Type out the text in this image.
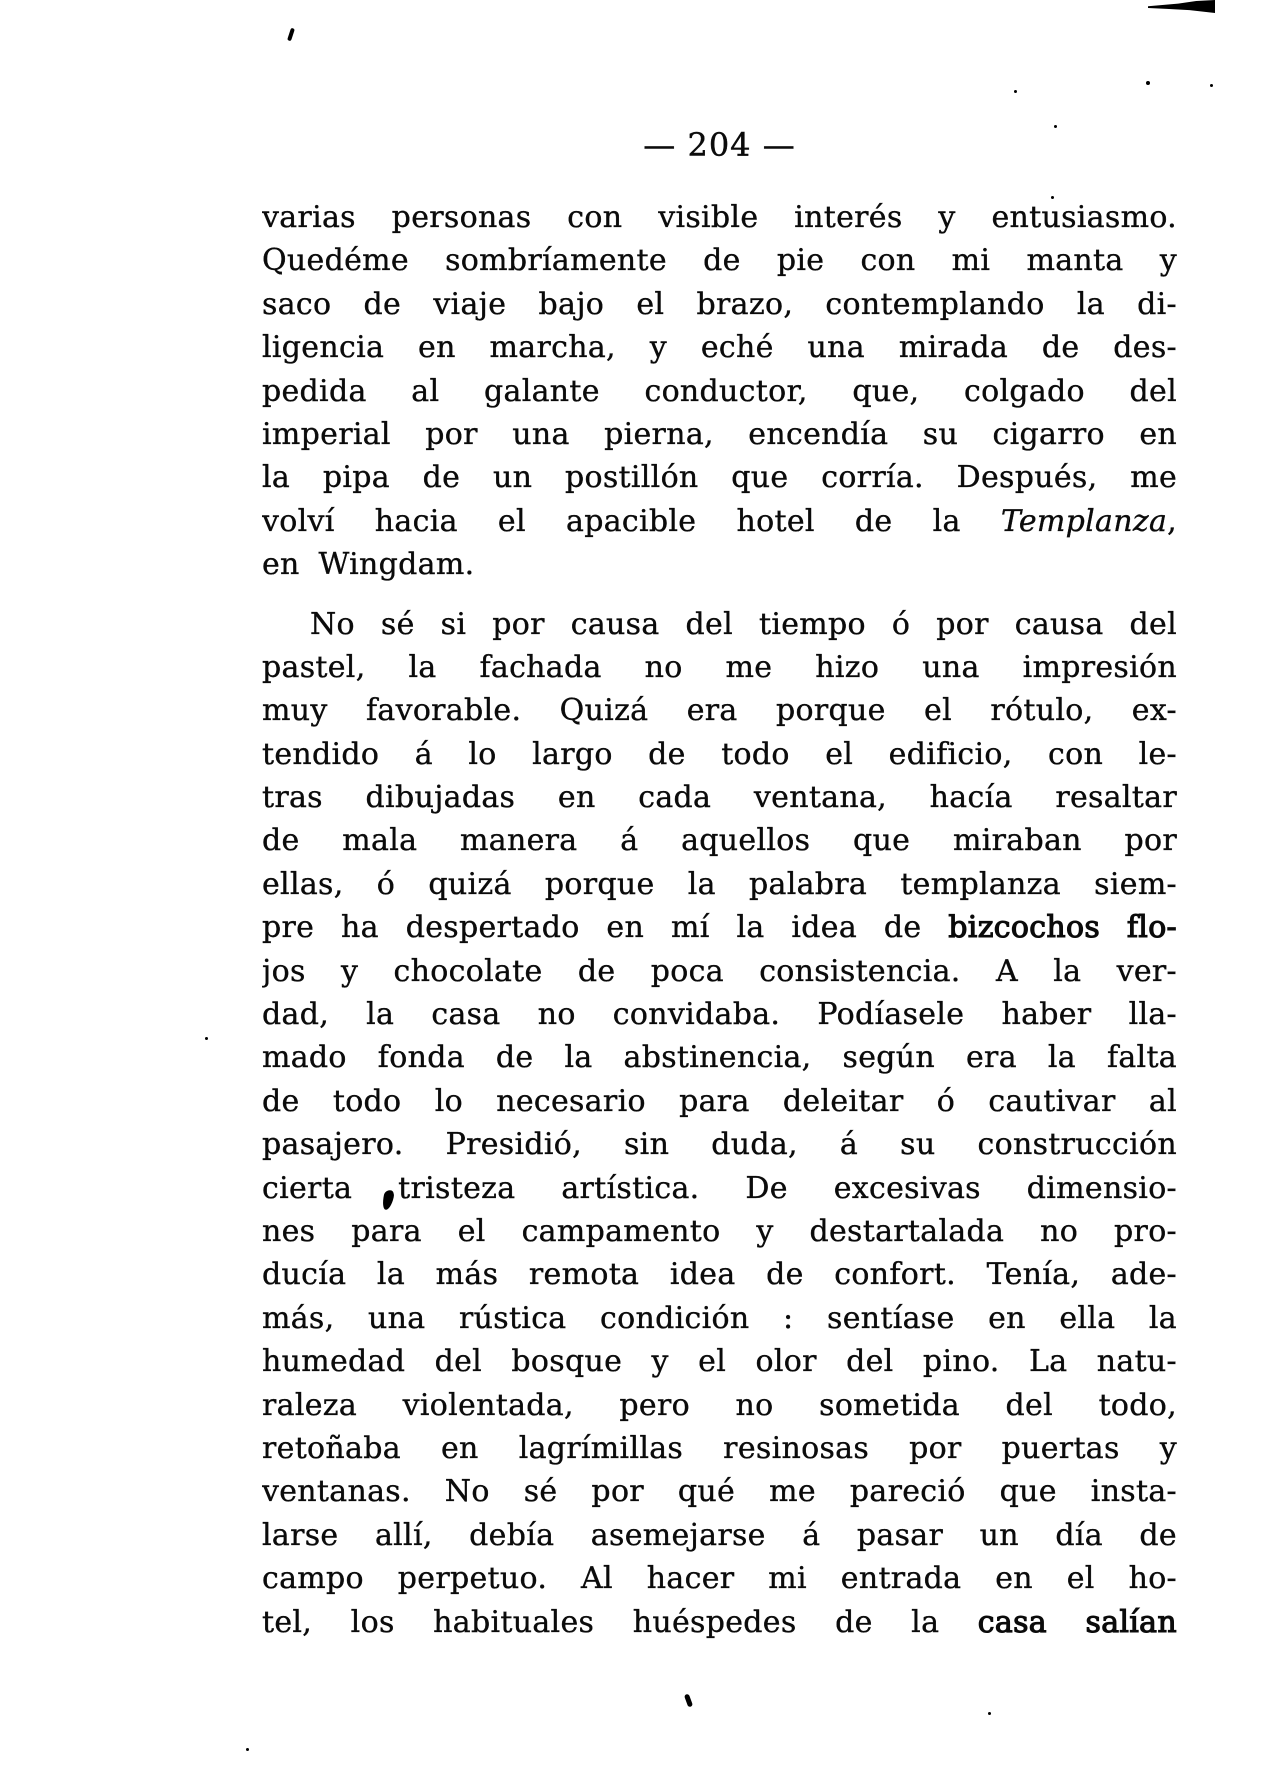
— 204 —

varias personas con visible interés y entusiasmo.
Quedéme sombríamente de pie con mi manta y
saco de viaje bajo el brazo, contemplando la di-
ligencia en marcha, y eché una mirada de des-
pedida al galante conductor, que, colgado del
imperial por una pierna, encendía su cigarro en
la pipa de un postillón que corría. Después, me
volví hacia el apacible hotel de la Templanza,
en Wingdam.

No sé si por causa del tiempo ó por causa del
pastel, la fachada no me hizo una impresión
muy favorable. Quizá era porque el rótulo, ex-
tendido á lo largo de todo el edificio, con le-
tras dibujadas en cada ventana, hacía resaltar
de mala manera á aquellos que miraban por
ellas, ó quizá porque la palabra templanza siem-
pre ha despertado en mí la idea de bizcochos flo-
jos y chocolate de poca consistencia. A la ver-
dad, la casa no convidaba. Podíasele haber lla-
mado fonda de la abstinencia, según era la falta
de todo lo necesario para deleitar ó cautivar al
pasajero. Presidió, sin duda, á su construcción
cierta tristeza artística. De excesivas dimensio-
nes para el campamento y destartalada no pro-
ducía la más remota idea de confort. Tenía, ade-
más, una rústica condición : sentíase en ella la
humedad del bosque y el olor del pino. La natu-
raleza violentada, pero no sometida del todo,
retoñaba en lagrímillas resinosas por puertas y
ventanas. No sé por qué me pareció que insta-
larse allí, debía asemejarse á pasar un día de
campo perpetuo. Al hacer mi entrada en el ho-
tel, los habituales huéspedes de la casa salían
